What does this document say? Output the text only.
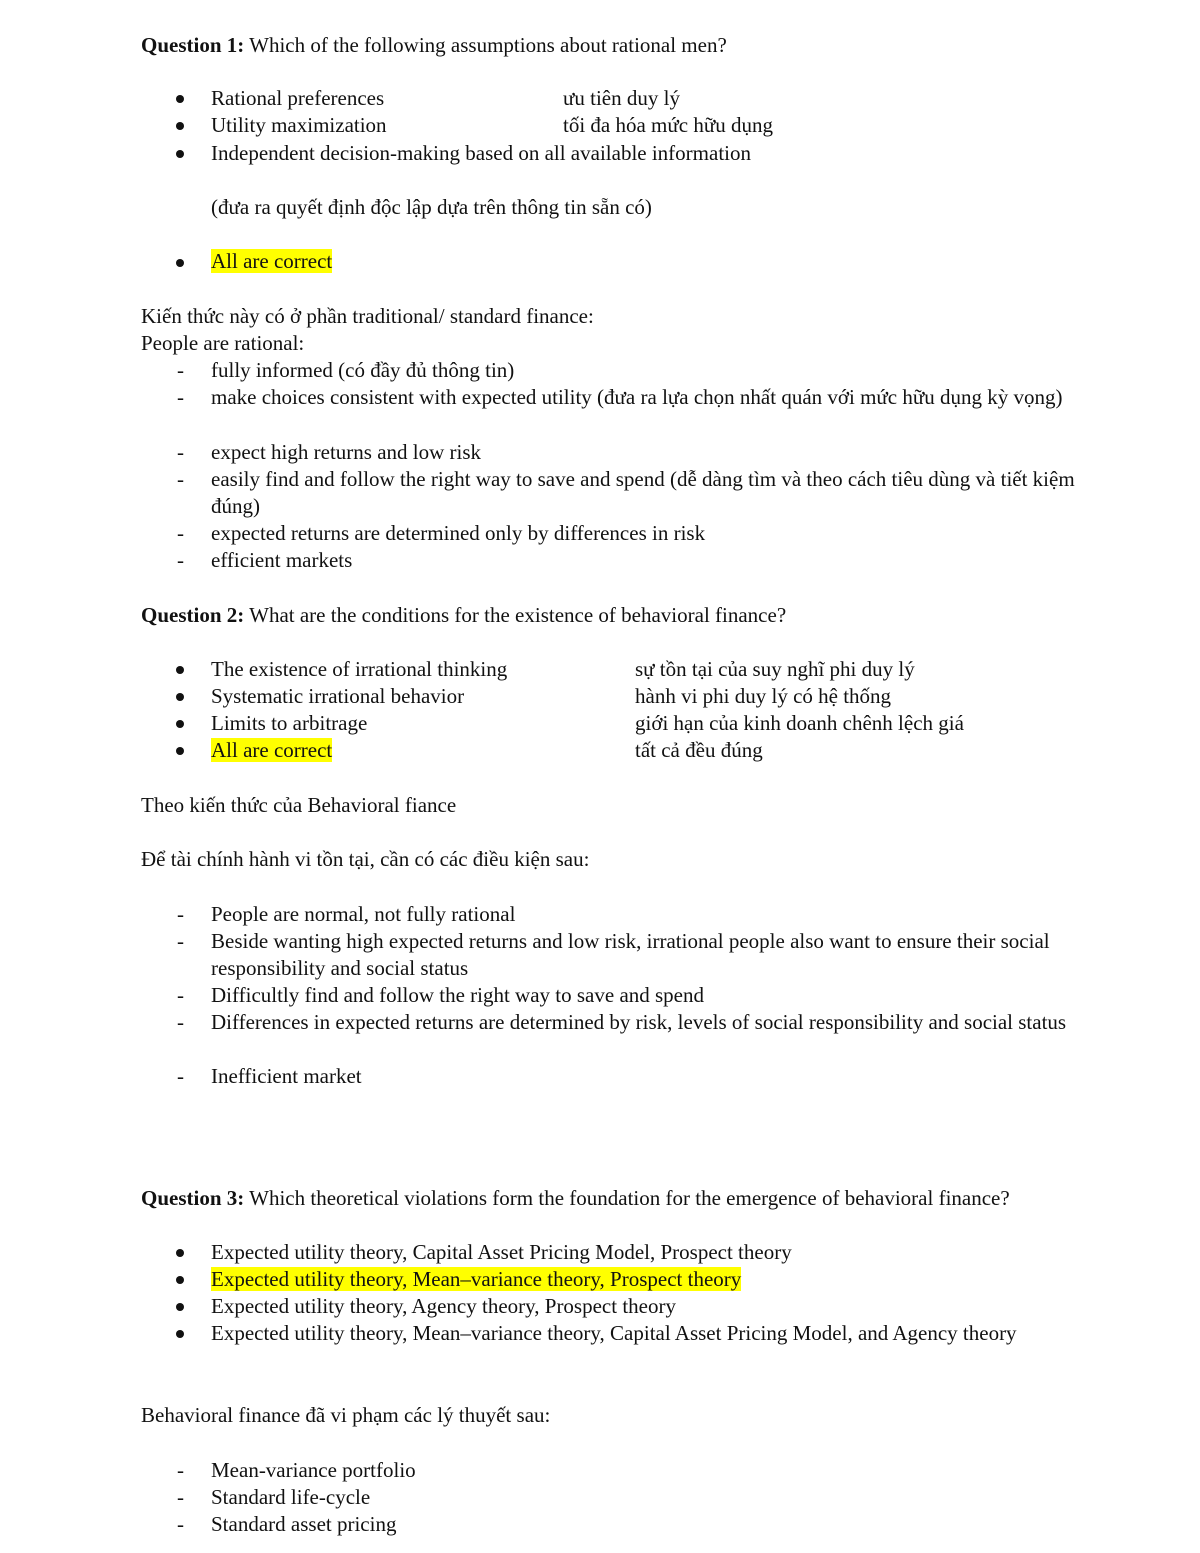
Question 1: Which of the following assumptions about rational men?
Rational preferences	ưu tiên duy lý
Utility maximization	tối đa hóa mức hữu dụng
Independent decision-making based on all available information
(đưa ra quyết định độc lập dựa trên thông tin sẵn có)
All are correct
Kiến thức này có ở phần traditional/ standard finance:
People are rational:
- fully informed (có đầy đủ thông tin)
- make choices consistent with expected utility (đưa ra lựa chọn nhất quán với mức hữu dụng kỳ vọng)
- expect high returns and low risk
- easily find and follow the right way to save and spend (dễ dàng tìm và theo cách tiêu dùng và tiết kiệm đúng)
- expected returns are determined only by differences in risk
- efficient markets
Question 2: What are the conditions for the existence of behavioral finance?
The existence of irrational thinking	sự tồn tại của suy nghĩ phi duy lý
Systematic irrational behavior	hành vi phi duy lý có hệ thống
Limits to arbitrage	giới hạn của kinh doanh chênh lệch giá
All are correct	tất cả đều đúng
Theo kiến thức của Behavioral fiance
Để tài chính hành vi tồn tại, cần có các điều kiện sau:
- People are normal, not fully rational
- Beside wanting high expected returns and low risk, irrational people also want to ensure their social responsibility and social status
- Difficultly find and follow the right way to save and spend
- Differences in expected returns are determined by risk, levels of social responsibility and social status
- Inefficient market
Question 3: Which theoretical violations form the foundation for the emergence of behavioral finance?
Expected utility theory, Capital Asset Pricing Model, Prospect theory
Expected utility theory, Mean–variance theory, Prospect theory
Expected utility theory, Agency theory, Prospect theory
Expected utility theory, Mean–variance theory, Capital Asset Pricing Model, and Agency theory
Behavioral finance đã vi phạm các lý thuyết sau:
- Mean-variance portfolio
- Standard life-cycle
- Standard asset pricing
